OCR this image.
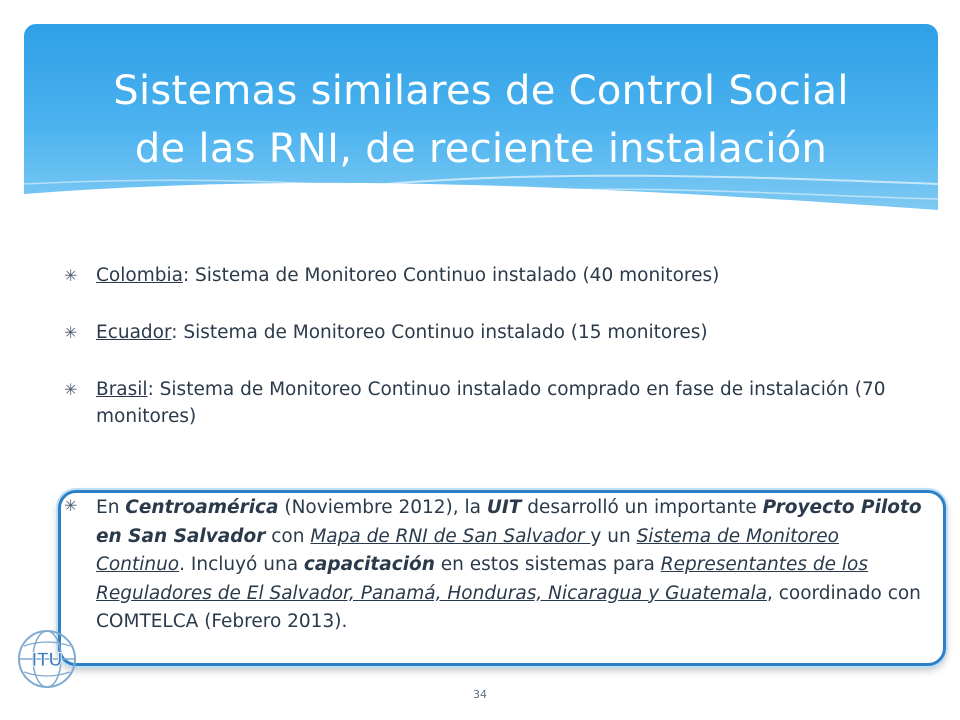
Sistemas similares de Control Social
de las RNI, de reciente instalación
✳ Colombia: Sistema de Monitoreo Continuo instalado (40 monitores)
✳ Ecuador: Sistema de Monitoreo Continuo instalado (15 monitores)
✳ Brasil: Sistema de Monitoreo Continuo instalado comprado en fase de instalación (70 monitores)
✳ En Centroamérica (Noviembre 2012), la UIT desarrolló un importante Proyecto Piloto en San Salvador con Mapa de RNI de San Salvador y un Sistema de Monitoreo Continuo. Incluyó una capacitación en estos sistemas para Representantes de los Reguladores de El Salvador, Panamá, Honduras, Nicaragua y Guatemala, coordinado con COMTELCA (Febrero 2013).
ITU
34
